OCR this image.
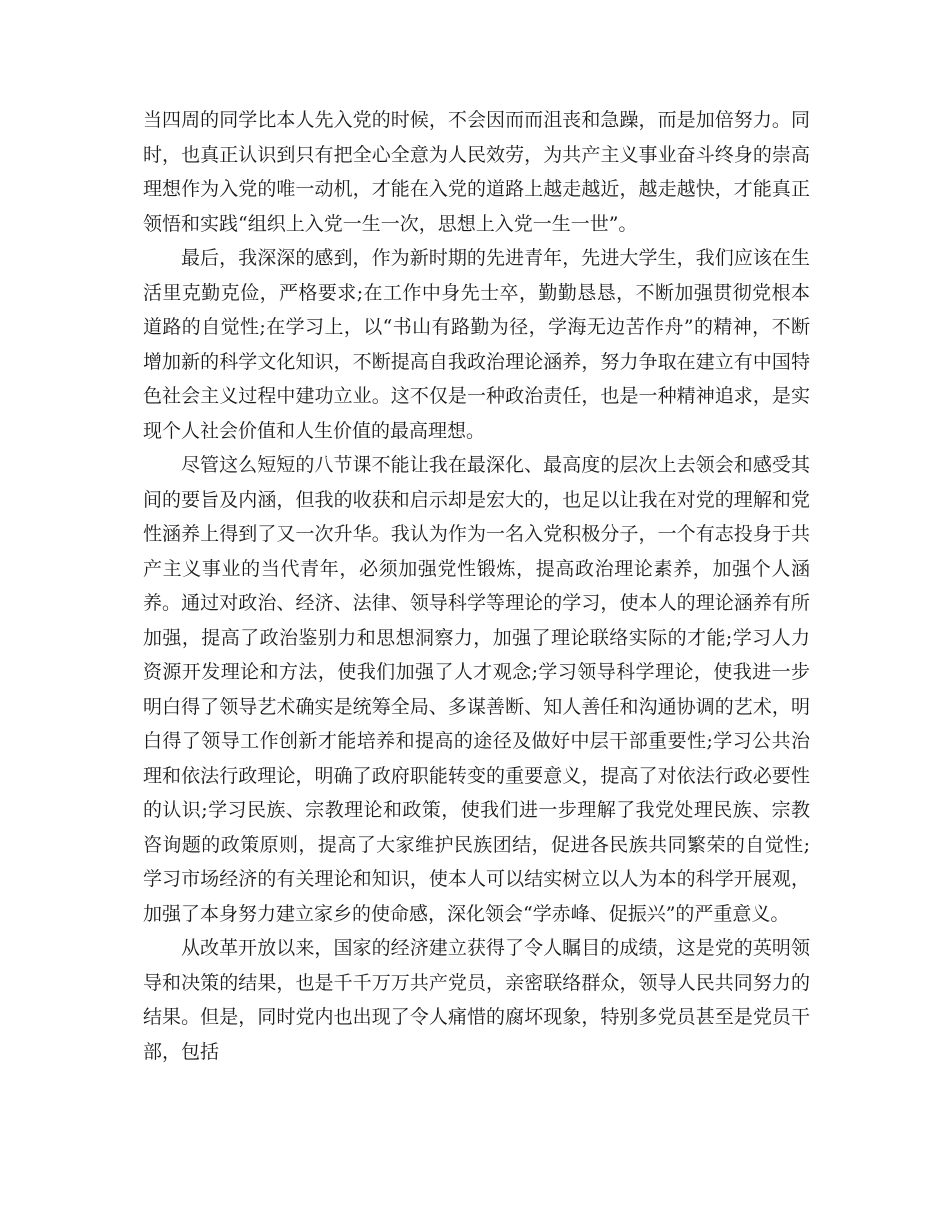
当四周的同学比本人先入党的时候，不会因而而沮丧和急躁，而是加倍努力。同时，也真正认识到只有把全心全意为人民效劳，为共产主义事业奋斗终身的崇高理想作为入党的唯一动机，才能在入党的道路上越走越近，越走越快，才能真正领悟和实践“组织上入党一生一次，思想上入党一生一世”。

最后，我深深的感到，作为新时期的先进青年，先进大学生，我们应该在生活里克勤克俭，严格要求;在工作中身先士卒，勤勤恳恳，不断加强贯彻党根本道路的自觉性;在学习上，以“书山有路勤为径，学海无边苦作舟”的精神，不断增加新的科学文化知识，不断提高自我政治理论涵养，努力争取在建立有中国特色社会主义过程中建功立业。这不仅是一种政治责任，也是一种精神追求，是实现个人社会价值和人生价值的最高理想。

尽管这么短短的八节课不能让我在最深化、最高度的层次上去领会和感受其间的要旨及内涵，但我的收获和启示却是宏大的，也足以让我在对党的理解和党性涵养上得到了又一次升华。我认为作为一名入党积极分子，一个有志投身于共产主义事业的当代青年，必须加强党性锻炼，提高政治理论素养，加强个人涵养。通过对政治、经济、法律、领导科学等理论的学习，使本人的理论涵养有所加强，提高了政治鉴别力和思想洞察力，加强了理论联络实际的才能;学习人力资源开发理论和方法，使我们加强了人才观念;学习领导科学理论，使我进一步明白得了领导艺术确实是统筹全局、多谋善断、知人善任和沟通协调的艺术，明白得了领导工作创新才能培养和提高的途径及做好中层干部重要性;学习公共治理和依法行政理论，明确了政府职能转变的重要意义，提高了对依法行政必要性的认识;学习民族、宗教理论和政策，使我们进一步理解了我党处理民族、宗教咨询题的政策原则，提高了大家维护民族团结，促进各民族共同繁荣的自觉性;学习市场经济的有关理论和知识，使本人可以结实树立以人为本的科学开展观，加强了本身努力建立家乡的使命感，深化领会“学赤峰、促振兴”的严重意义。

从改革开放以来，国家的经济建立获得了令人瞩目的成绩，这是党的英明领导和决策的结果，也是千千万万共产党员，亲密联络群众，领导人民共同努力的结果。但是，同时党内也出现了令人痛惜的腐坏现象，特别多党员甚至是党员干部，包括
